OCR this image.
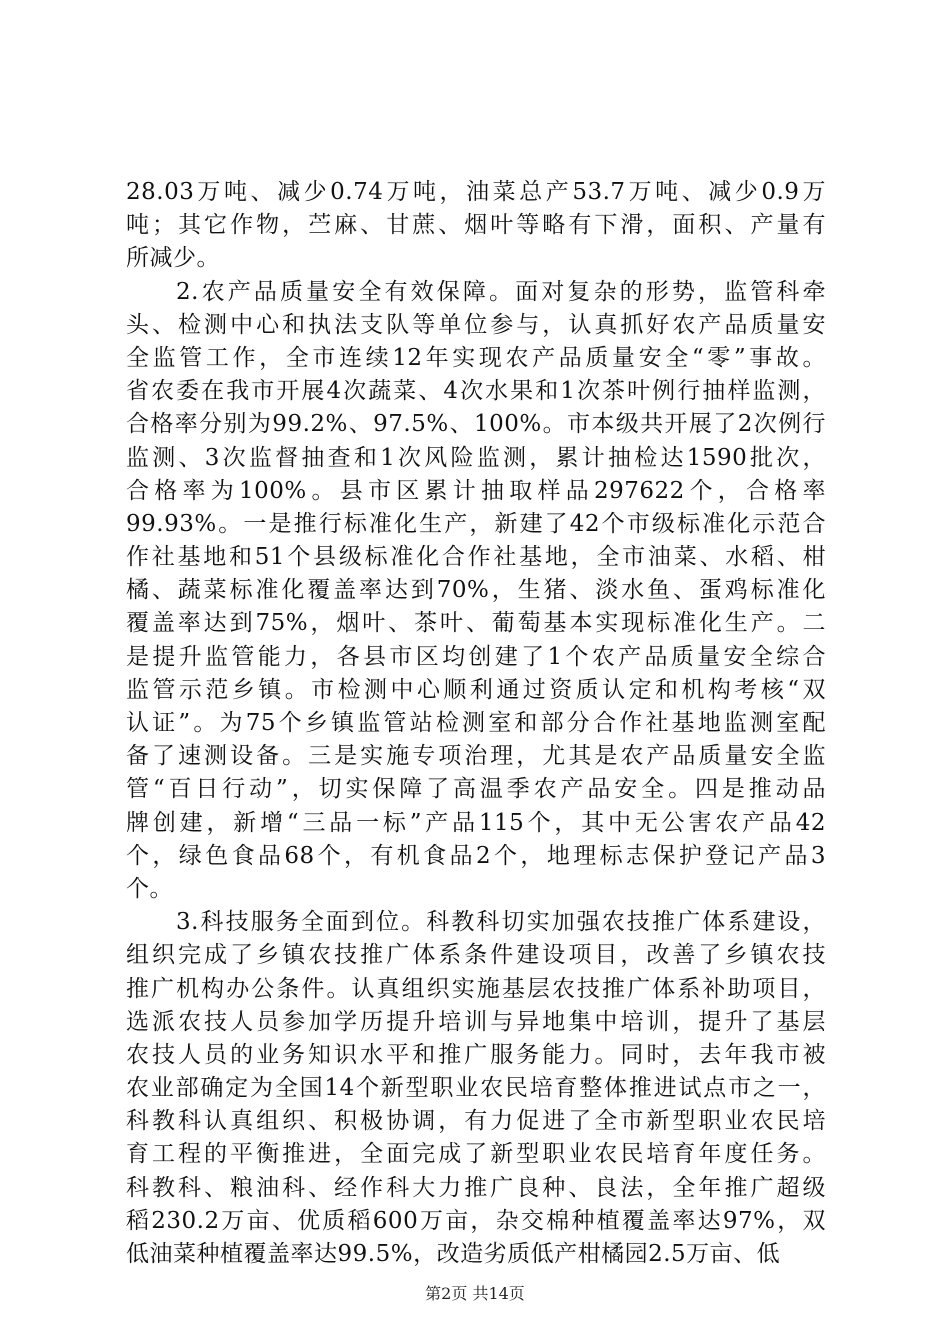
28.03万吨、减少0.74万吨，油菜总产53.7万吨、减少0.9万
吨；其它作物，苎麻、甘蔗、烟叶等略有下滑，面积、产量有
所减少。
2.农产品质量安全有效保障。面对复杂的形势，监管科牵
头、检测中心和执法支队等单位参与，认真抓好农产品质量安
全监管工作，全市连续12年实现农产品质量安全“零”事故。
省农委在我市开展4次蔬菜、4次水果和1次茶叶例行抽样监测，
合格率分别为99.2%、97.5%、100%。市本级共开展了2次例行
监测、3次监督抽查和1次风险监测，累计抽检达1590批次，
合格率为100%。县市区累计抽取样品297622个，合格率
99.93%。一是推行标准化生产，新建了42个市级标准化示范合
作社基地和51个县级标准化合作社基地，全市油菜、水稻、柑
橘、蔬菜标准化覆盖率达到70%，生猪、淡水鱼、蛋鸡标准化
覆盖率达到75%，烟叶、茶叶、葡萄基本实现标准化生产。二
是提升监管能力，各县市区均创建了1个农产品质量安全综合
监管示范乡镇。市检测中心顺利通过资质认定和机构考核“双
认证”。为75个乡镇监管站检测室和部分合作社基地监测室配
备了速测设备。三是实施专项治理，尤其是农产品质量安全监
管“百日行动”，切实保障了高温季农产品安全。四是推动品
牌创建，新增“三品一标”产品115个，其中无公害农产品42
个，绿色食品68个，有机食品2个，地理标志保护登记产品3
个。
3.科技服务全面到位。科教科切实加强农技推广体系建设，
组织完成了乡镇农技推广体系条件建设项目，改善了乡镇农技
推广机构办公条件。认真组织实施基层农技推广体系补助项目，
选派农技人员参加学历提升培训与异地集中培训，提升了基层
农技人员的业务知识水平和推广服务能力。同时，去年我市被
农业部确定为全国14个新型职业农民培育整体推进试点市之一，
科教科认真组织、积极协调，有力促进了全市新型职业农民培
育工程的平衡推进，全面完成了新型职业农民培育年度任务。
科教科、粮油科、经作科大力推广良种、良法，全年推广超级
稻230.2万亩、优质稻600万亩，杂交棉种植覆盖率达97%，双
低油菜种植覆盖率达99.5%，改造劣质低产柑橘园2.5万亩、低
第2页 共14页
